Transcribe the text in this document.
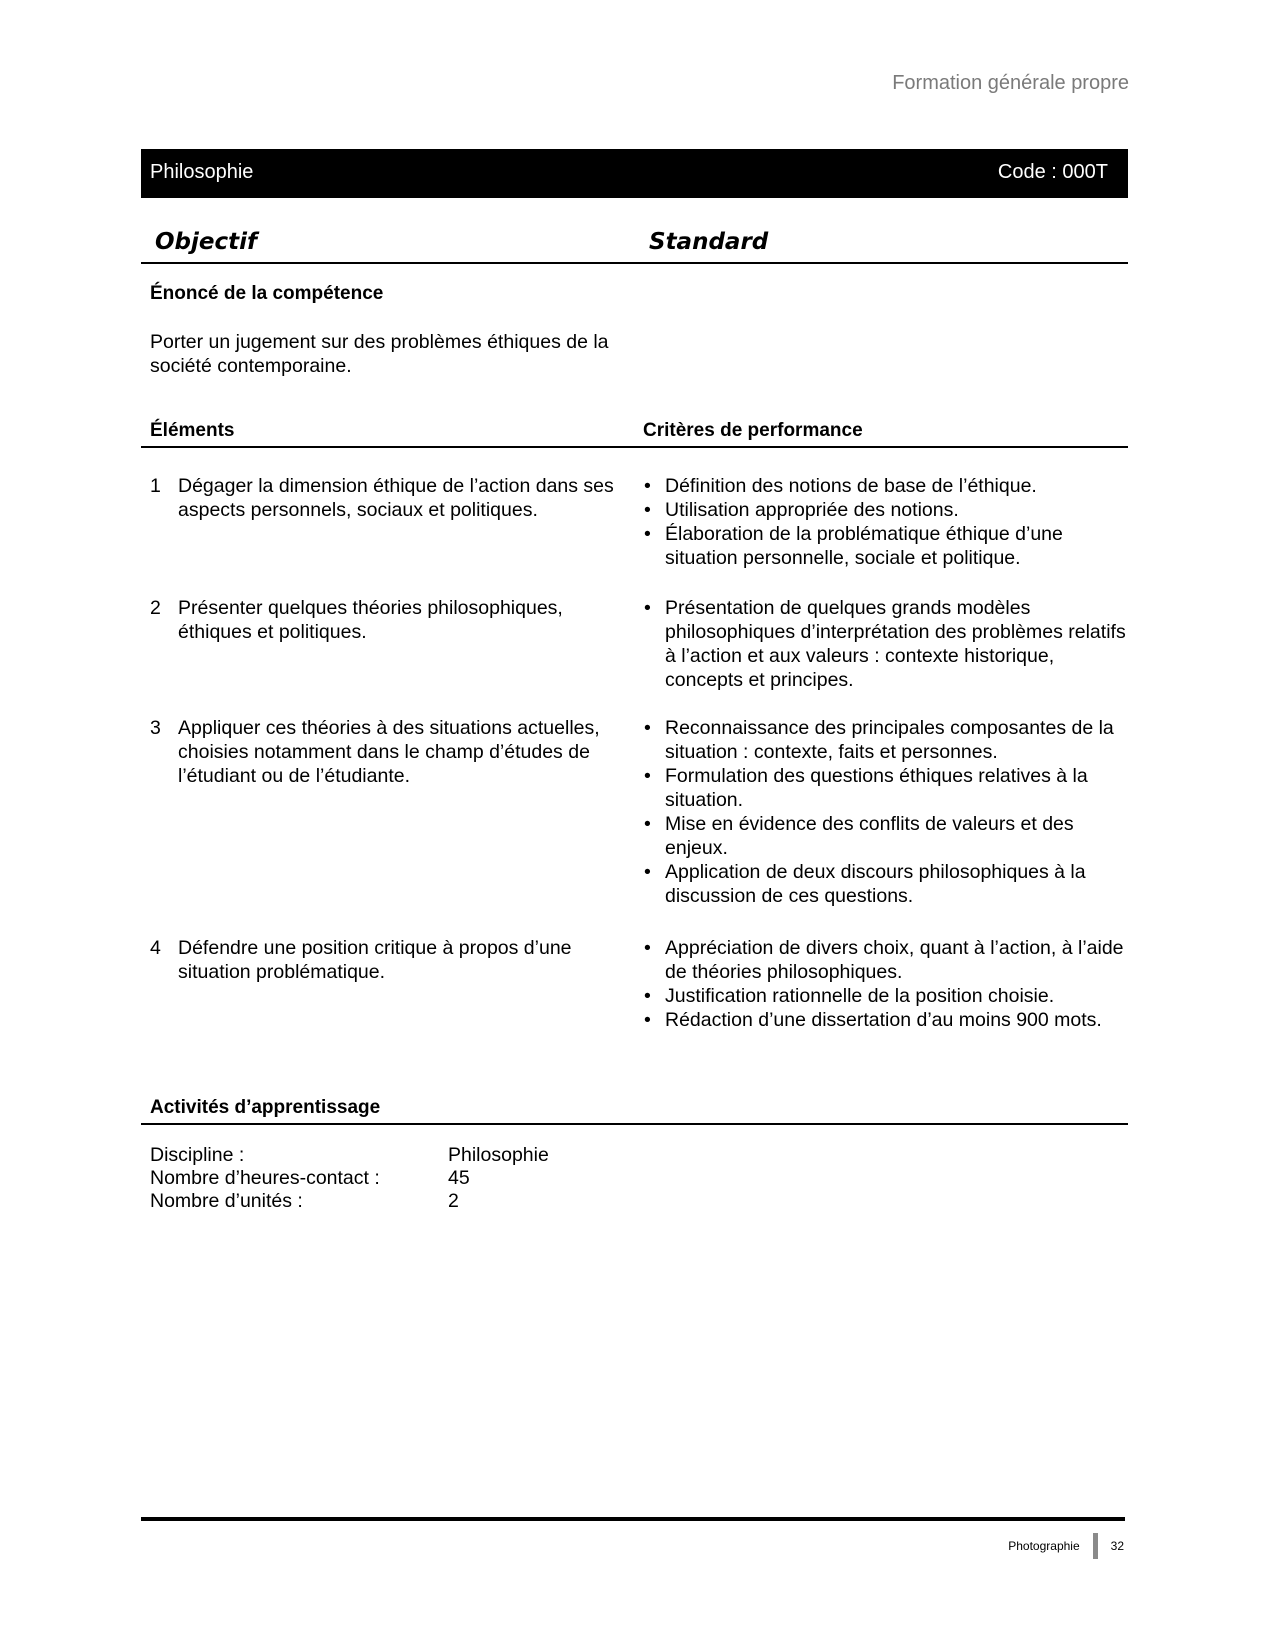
Formation générale propre
Philosophie	Code : 000T
Objectif	Standard
Énoncé de la compétence
Porter un jugement sur des problèmes éthiques de la société contemporaine.
Éléments	Critères de performance
1 Dégager la dimension éthique de l’action dans ses aspects personnels, sociaux et politiques.
• Définition des notions de base de l’éthique.
• Utilisation appropriée des notions.
• Élaboration de la problématique éthique d’une situation personnelle, sociale et politique.
2 Présenter quelques théories philosophiques, éthiques et politiques.
• Présentation de quelques grands modèles philosophiques d’interprétation des problèmes relatifs à l’action et aux valeurs : contexte historique, concepts et principes.
3 Appliquer ces théories à des situations actuelles, choisies notamment dans le champ d’études de l’étudiant ou de l’étudiante.
• Reconnaissance des principales composantes de la situation : contexte, faits et personnes.
• Formulation des questions éthiques relatives à la situation.
• Mise en évidence des conflits de valeurs et des enjeux.
• Application de deux discours philosophiques à la discussion de ces questions.
4 Défendre une position critique à propos d’une situation problématique.
• Appréciation de divers choix, quant à l’action, à l’aide de théories philosophiques.
• Justification rationnelle de la position choisie.
• Rédaction d’une dissertation d’au moins 900 mots.
Activités d’apprentissage
Discipline :	Philosophie
Nombre d’heures-contact :	45
Nombre d’unités :	2
Photographie	32
